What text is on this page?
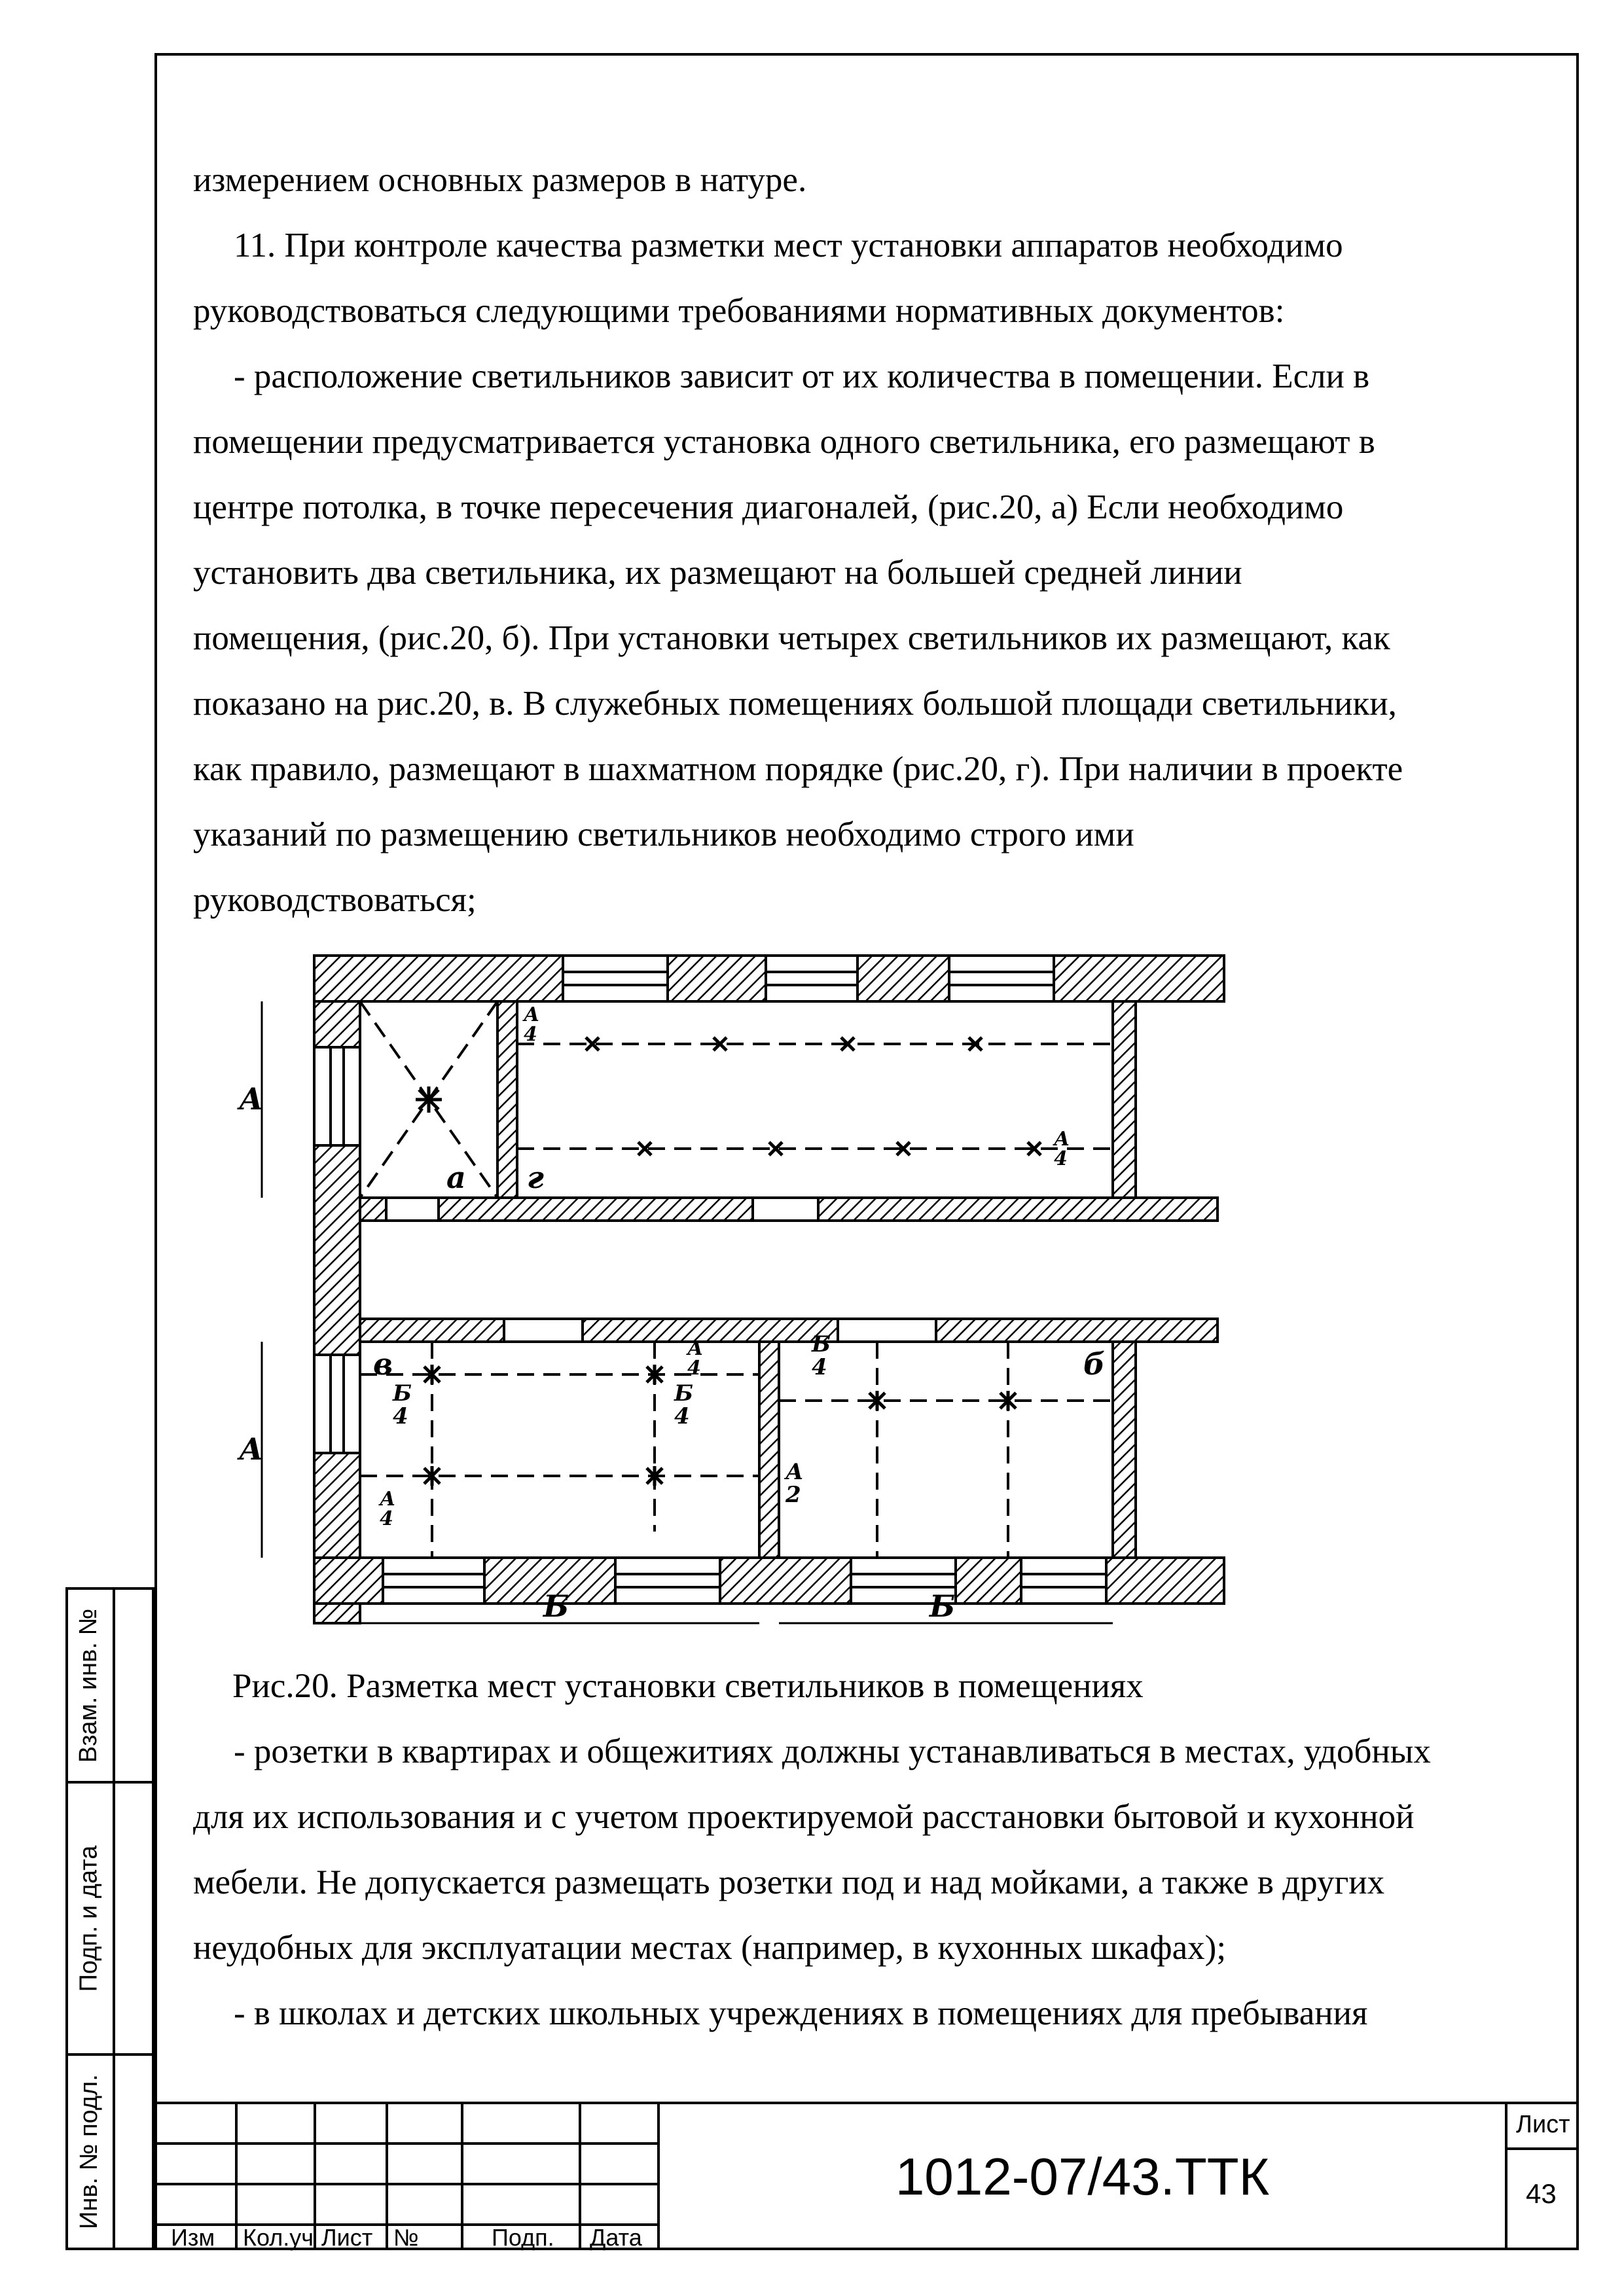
измерением основных размеров в натуре.

11. При контроле качества разметки мест установки аппаратов необходимо

руководствоваться следующими требованиями нормативных документов:

- расположение светильников зависит от их количества в помещении. Если в

помещении предусматривается установка одного светильника, его размещают в

центре потолка, в точке пересечения диагоналей, (рис.20, а) Если необходимо

установить два светильника, их размещают на большей средней линии

помещения, (рис.20, б). При установки четырех светильников их размещают, как

показано на рис.20, в. В служебных помещениях большой площади светильники,

как правило, размещают в шахматном порядке (рис.20, г). При наличии в проекте

указаний по размещению светильников необходимо строго ими

руководствоваться;

А
А
Б	Б
а г
в	б
Б
4
Б
4
Б
4
А
4
А
4
А
4
А
4
А
2
Рис.20. Разметка мест установки светильников в помещениях

- розетки в квартирах и общежитиях должны устанавливаться в местах, удобных

для их использования и с учетом проектируемой расстановки бытовой и кухонной

мебели. Не допускается размещать розетки под и над мойками, а также в других

неудобных для эксплуатации местах (например, в кухонных шкафах);

- в школах и детских школьных учреждениях в помещениях для пребывания

Взам. инв. №
Подп. и дата
Инв. № подл.
Изм Кол.уч Лист №	Подп. Дата
1012-07/43.ТТК
Лист
43
